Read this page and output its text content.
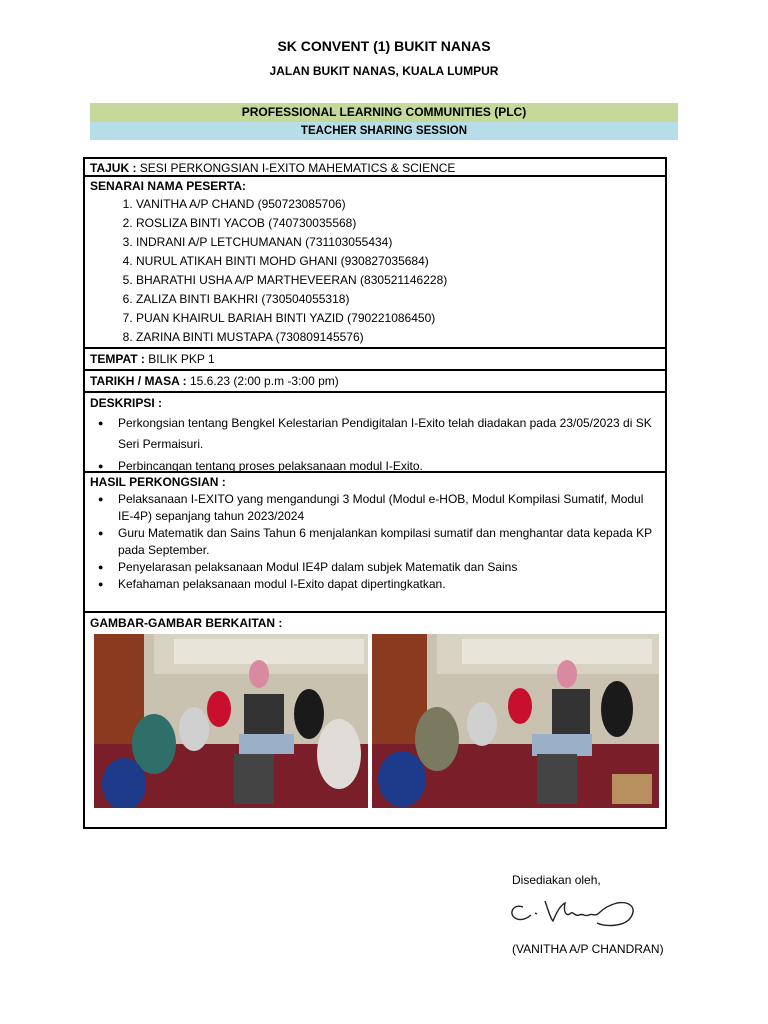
SK CONVENT (1) BUKIT NANAS
JALAN BUKIT NANAS, KUALA LUMPUR
PROFESSIONAL LEARNING COMMUNITIES (PLC)
TEACHER SHARING SESSION
TAJUK : SESI PERKONGSIAN I-EXITO MAHEMATICS & SCIENCE
SENARAI NAMA PESERTA:
1. VANITHA A/P CHAND (950723085706)
2. ROSLIZA BINTI YACOB (740730035568)
3. INDRANI A/P LETCHUMANAN (731103055434)
4. NURUL ATIKAH BINTI MOHD GHANI (930827035684)
5. BHARATHI USHA A/P MARTHEVEERAN (830521146228)
6. ZALIZA BINTI BAKHRI (730504055318)
7. PUAN KHAIRUL BARIAH BINTI YAZID (790221086450)
8. ZARINA BINTI MUSTAPA (730809145576)
TEMPAT : BILIK PKP 1
TARIKH / MASA : 15.6.23 (2:00 p.m -3:00 pm)
DESKRIPSI :
● Perkongsian tentang Bengkel Kelestarian Pendigitalan I-Exito telah diadakan pada 23/05/2023 di SK Seri Permaisuri.
● Perbincangan tentang proses pelaksanaan modul I-Exito.
HASIL PERKONGSIAN :
● Pelaksanaan I-EXITO yang mengandungi 3 Modul (Modul e-HOB, Modul Kompilasi Sumatif, Modul IE-4P) sepanjang tahun 2023/2024
● Guru Matematik dan Sains Tahun 6 menjalankan kompilasi sumatif dan menghantar data kepada KP pada September.
● Penyelarasan pelaksanaan Modul IE4P dalam subjek Matematik dan Sains
● Kefahaman pelaksanaan modul I-Exito dapat dipertingkatkan.
GAMBAR-GAMBAR BERKAITAN :
Disediakan oleh,
(VANITHA A/P CHANDRAN)
